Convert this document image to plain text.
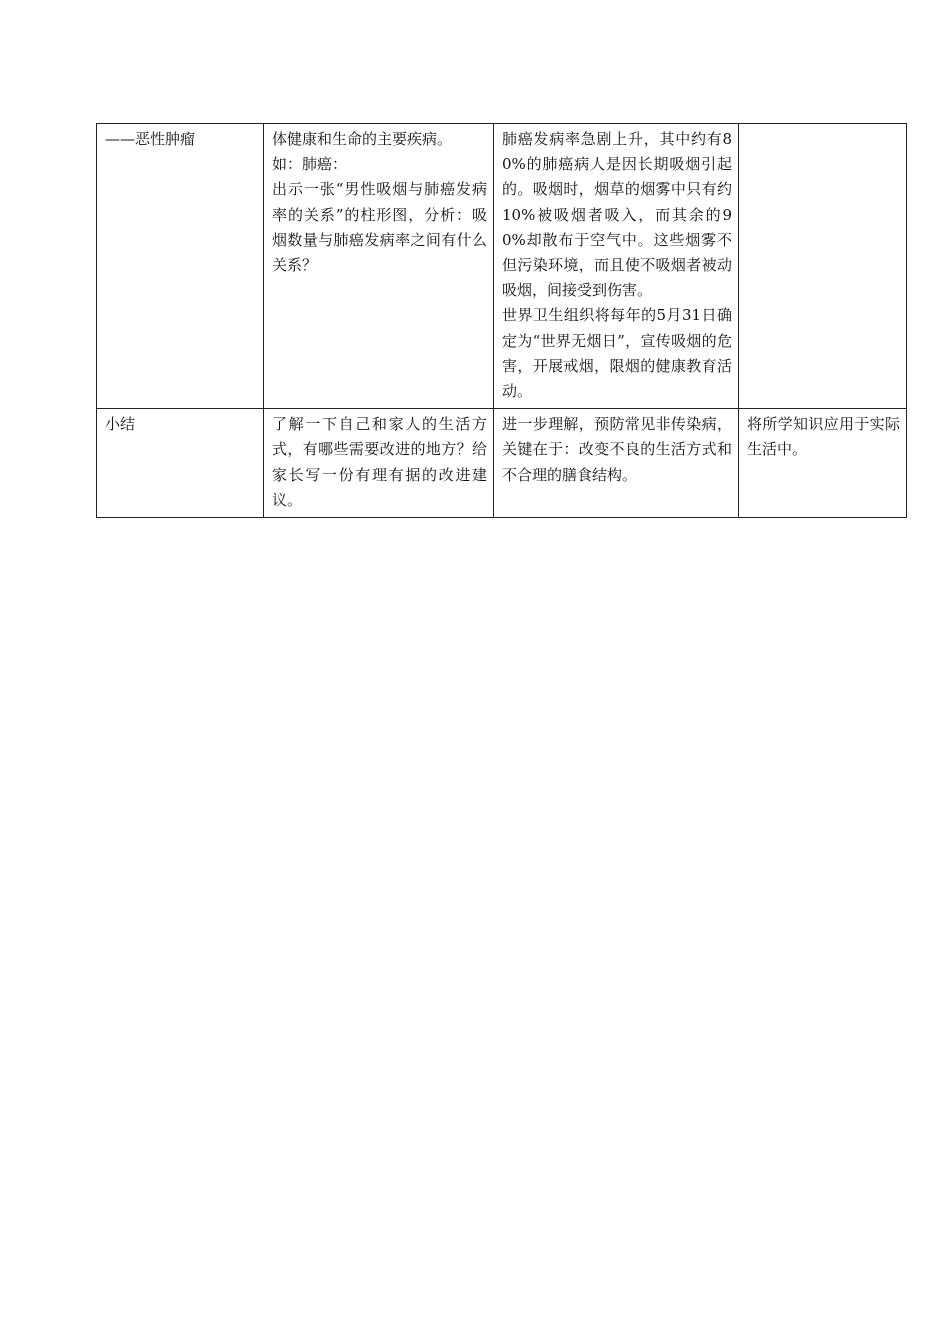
——恶性肿瘤	体健康和生命的主要疾病。
如：肺癌：
出示一张“男性吸烟与肺癌发病率的关系”的柱形图，分析：吸烟数量与肺癌发病率之间有什么关系？	肺癌发病率急剧上升，其中约有80%的肺癌病人是因长期吸烟引起的。吸烟时，烟草的烟雾中只有约10%被吸烟者吸入，而其余的90%却散布于空气中。这些烟雾不但污染环境，而且使不吸烟者被动吸烟，间接受到伤害。
世界卫生组织将每年的5月31日确定为“世界无烟日”，宣传吸烟的危害，开展戒烟，限烟的健康教育活动。	

小结	了解一下自己和家人的生活方式，有哪些需要改进的地方？给家长写一份有理有据的改进建议。	进一步理解，预防常见非传染病，关键在于：改变不良的生活方式和不合理的膳食结构。	将所学知识应用于实际生活中。
